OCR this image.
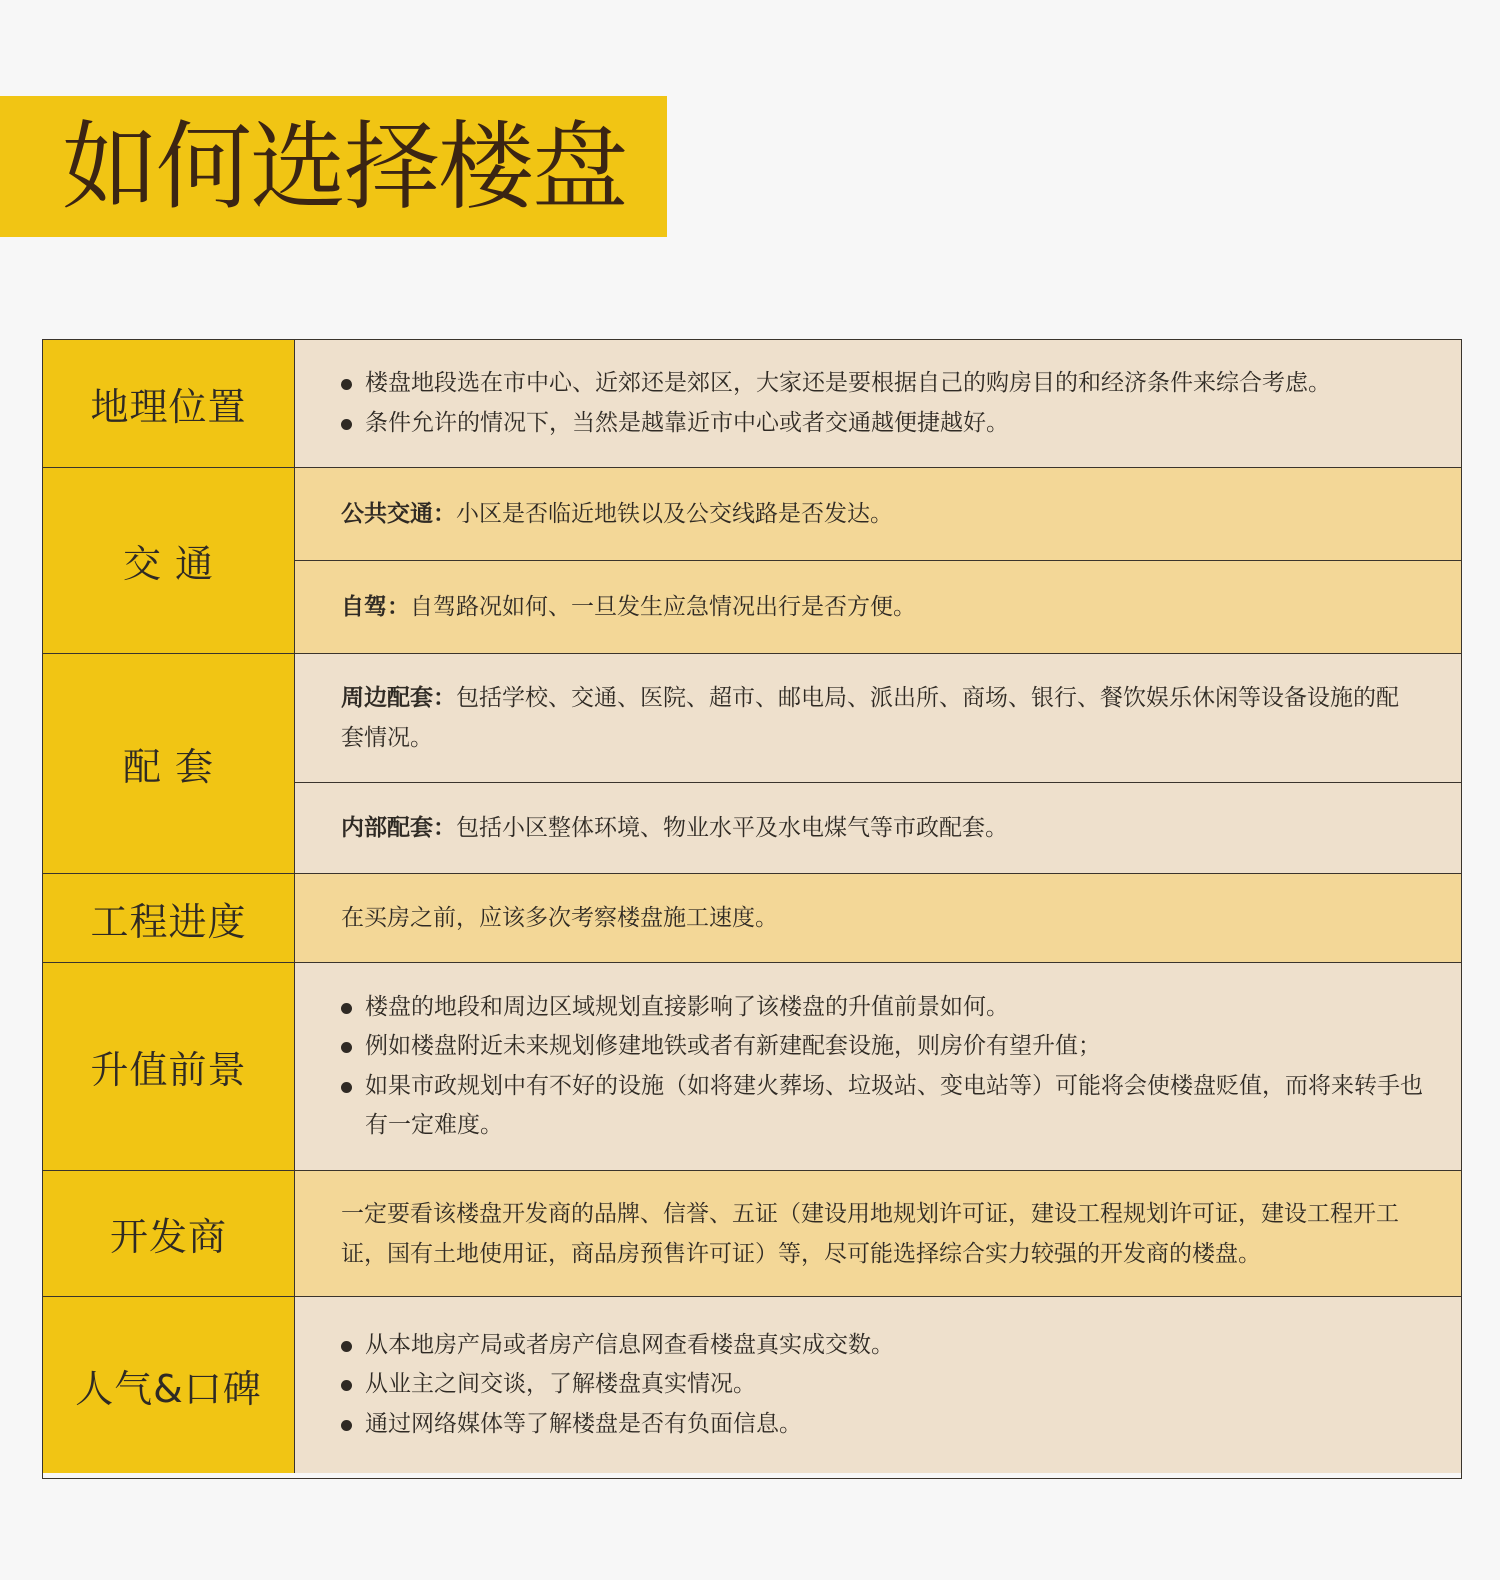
如何选择楼盘
地理位置
楼盘地段选在市中心、近郊还是郊区，大家还是要根据自己的购房目的和经济条件来综合考虑。
条件允许的情况下，当然是越靠近市中心或者交通越便捷越好。
交 通

公共交通：小区是否临近地铁以及公交线路是否发达。

自驾：自驾路况如何、一旦发生应急情况出行是否方便。

配 套

周边配套：包括学校、交通、医院、超市、邮电局、派出所、商场、银行、餐饮娱乐休闲等设备设施的配套情况。

内部配套：包括小区整体环境、物业水平及水电煤气等市政配套。

工程进度	在买房之前，应该多次考察楼盘施工速度。

升值前景
楼盘的地段和周边区域规划直接影响了该楼盘的升值前景如何。
例如楼盘附近未来规划修建地铁或者有新建配套设施，则房价有望升值；
如果市政规划中有不好的设施（如将建火葬场、垃圾站、变电站等）可能将会使楼盘贬值，而将来转手也有一定难度。
开发商

一定要看该楼盘开发商的品牌、信誉、五证（建设用地规划许可证，建设工程规划许可证，建设工程开工证，国有土地使用证，商品房预售许可证）等，尽可能选择综合实力较强的开发商的楼盘。

人气&口碑
从本地房产局或者房产信息网查看楼盘真实成交数。
从业主之间交谈，了解楼盘真实情况。
通过网络媒体等了解楼盘是否有负面信息。
